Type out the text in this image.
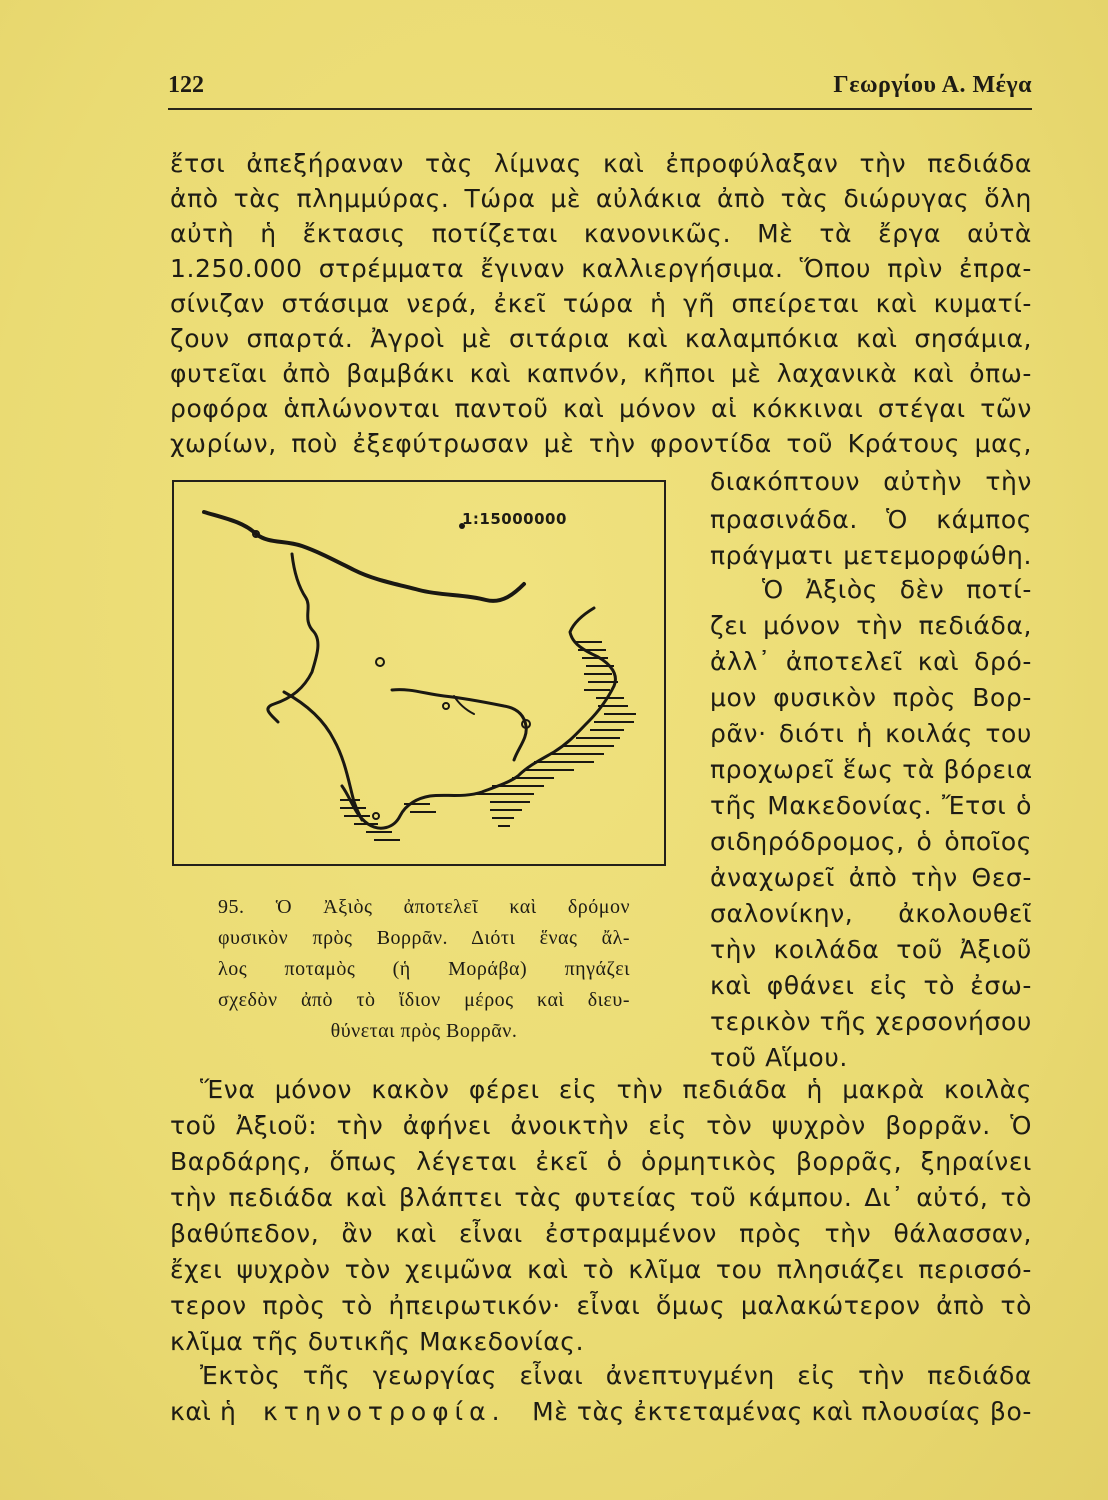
122	Γεωργίου Α. Μέγα
ἔτσι ἀπεξήραναν τὰς λίμνας καὶ ἐπροφύλαξαν τὴν πεδιάδα
ἀπὸ τὰς πλημμύρας. Τώρα μὲ αὐλάκια ἀπὸ τὰς διώρυγας ὅλη
αὐτὴ ἡ ἔκτασις ποτίζεται κανονικῶς. Μὲ τὰ ἔργα αὐτὰ
1.250.000 στρέμματα ἔγιναν καλλιεργήσιμα. Ὅπου πρὶν ἐπρα-
σίνιζαν στάσιμα νερά, ἐκεῖ τώρα ἡ γῆ σπείρεται καὶ κυματί-
ζουν σπαρτά. Ἀγροὶ μὲ σιτάρια καὶ καλαμπόκια καὶ σησάμια,
φυτεῖαι ἀπὸ βαμβάκι καὶ καπνόν, κῆποι μὲ λαχανικὰ καὶ ὀπω-
ροφόρα ἁπλώνονται παντοῦ καὶ μόνον αἱ κόκκιναι στέγαι τῶν
χωρίων, ποὺ ἐξεφύτρωσαν μὲ τὴν φροντίδα τοῦ Κράτους μας,
διακόπτουν αὐτὴν τὴν
πρασινάδα. Ὁ κάμπος
πράγματι μετεμορφώθη.
Ὁ Ἀξιὸς δὲν ποτί-
ζει μόνον τὴν πεδιάδα,
ἀλλ᾿ ἀποτελεῖ καὶ δρό-
μον φυσικὸν πρὸς Βορ-
ρᾶν· διότι ἡ κοιλάς του
προχωρεῖ ἕως τὰ βόρεια
τῆς Μακεδονίας. Ἔτσι ὁ
σιδηρόδρομος, ὁ ὁποῖος
ἀναχωρεῖ ἀπὸ τὴν Θεσ-
σαλονίκην, ἀκολουθεῖ
τὴν κοιλάδα τοῦ Ἀξιοῦ
καὶ φθάνει εἰς τὸ ἐσω-
τερικὸν τῆς χερσονήσου
τοῦ Αἵμου.
1:15000000
95. Ὁ Ἀξιὸς ἀποτελεῖ καὶ δρόμον
φυσικὸν πρὸς Βορρᾶν. Διότι ἕνας ἄλ-
λος ποταμὸς (ἡ Μοράβα) πηγάζει
σχεδὸν ἀπὸ τὸ ἴδιον μέρος καὶ διευ-
θύνεται πρὸς Βορρᾶν.
Ἕνα μόνον κακὸν φέρει εἰς τὴν πεδιάδα ἡ μακρὰ κοιλὰς
τοῦ Ἀξιοῦ: τὴν ἀφήνει ἀνοικτὴν εἰς τὸν ψυχρὸν βορρᾶν. Ὁ
Βαρδάρης, ὅπως λέγεται ἐκεῖ ὁ ὁρμητικὸς βορρᾶς, ξηραίνει
τὴν πεδιάδα καὶ βλάπτει τὰς φυτείας τοῦ κάμπου. Δι᾿ αὐτό, τὸ
βαθύπεδον, ἂν καὶ εἶναι ἐστραμμένον πρὸς τὴν θάλασσαν,
ἔχει ψυχρὸν τὸν χειμῶνα καὶ τὸ κλῖμα του πλησιάζει περισσό-
τερον πρὸς τὸ ἠπειρωτικόν· εἶναι ὅμως μαλακώτερον ἀπὸ τὸ
κλῖμα τῆς δυτικῆς Μακεδονίας.
Ἐκτὸς τῆς γεωργίας εἶναι ἀνεπτυγμένη εἰς τὴν πεδιάδα
καὶ ἡ κτηνοτροφία. Μὲ τὰς ἐκτεταμένας καὶ πλουσίας βο-
